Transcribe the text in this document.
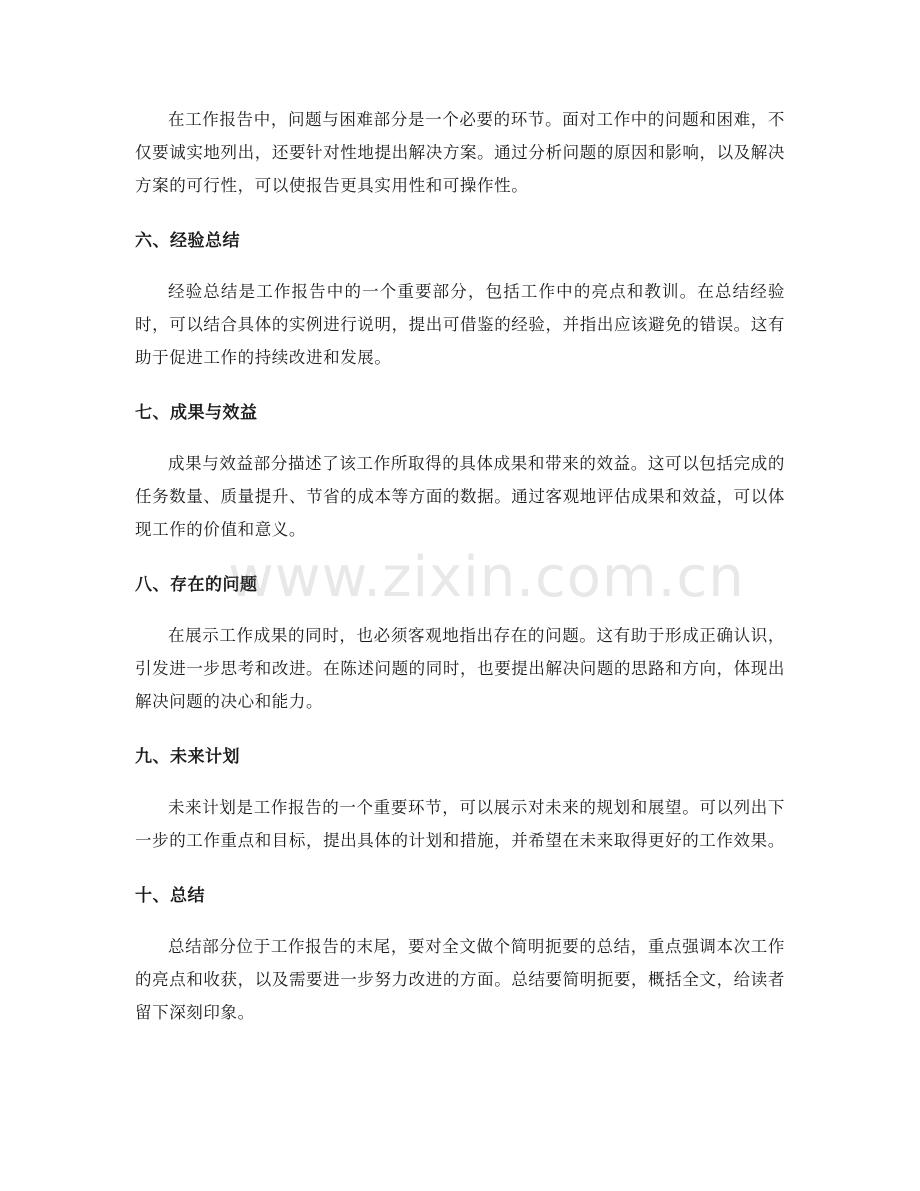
在工作报告中，问题与困难部分是一个必要的环节。面对工作中的问题和困难，不仅要诚实地列出，还要针对性地提出解决方案。通过分析问题的原因和影响，以及解决方案的可行性，可以使报告更具实用性和可操作性。

六、经验总结

经验总结是工作报告中的一个重要部分，包括工作中的亮点和教训。在总结经验时，可以结合具体的实例进行说明，提出可借鉴的经验，并指出应该避免的错误。这有助于促进工作的持续改进和发展。

七、成果与效益

成果与效益部分描述了该工作所取得的具体成果和带来的效益。这可以包括完成的任务数量、质量提升、节省的成本等方面的数据。通过客观地评估成果和效益，可以体现工作的价值和意义。

八、存在的问题

在展示工作成果的同时，也必须客观地指出存在的问题。这有助于形成正确认识，引发进一步思考和改进。在陈述问题的同时，也要提出解决问题的思路和方向，体现出解决问题的决心和能力。

九、未来计划

未来计划是工作报告的一个重要环节，可以展示对未来的规划和展望。可以列出下一步的工作重点和目标，提出具体的计划和措施，并希望在未来取得更好的工作效果。

十、总结

总结部分位于工作报告的末尾，要对全文做个简明扼要的总结，重点强调本次工作的亮点和收获，以及需要进一步努力改进的方面。总结要简明扼要，概括全文，给读者留下深刻印象。

www.zixin.com.cn
